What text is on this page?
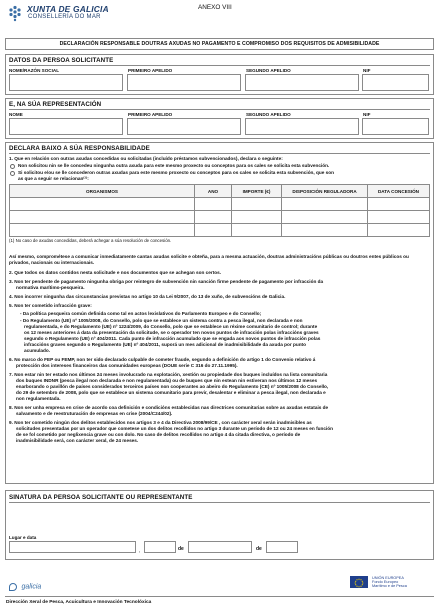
XUNTA DE GALICIA
CONSELLERÍA DO MAR
ANEXO VIII
DECLARACIÓN RESPONSABLE DOUTRAS AXUDAS NO PAGAMENTO E COMPROMISO DOS REQUISITOS DE ADMISIBILIDADE
DATOS DA PERSOA SOLICITANTE
NOME/RAZÓN SOCIAL	PRIMEIRO APELIDO	SEGUNDO APELIDO	NIF
E, NA SÚA REPRESENTACIÓN
NOME	PRIMEIRO APELIDO	SEGUNDO APELIDO	NIF
DECLARA BAIXO A SÚA RESPONSABILIDADE
1. Que en relación con outras axudas concedidas ou solicitadas (incluído préstamos subvencionados), declara o seguinte:
Non solicitou nin se lle concedeu ningunha outra axuda para este mesmo proxecto ou conceptos para os cales se solicita esta subvención.
Si solicitou e/ou se lle concederon outras axudas para este mesmo proxecto ou conceptos para os cales se solicita esta subvención, que son
as que a seguir se relacionan⁽¹⁾:
ORGANISMOS	ANO	IMPORTE (€)	DISPOSICIÓN REGULADORA	DATA CONCESIÓN

(1) No caso de axudas concedidas, deberá achegar a súa resolución de concesión.
Así mesmo, comprométese a comunicar inmediatamente cantas axudas solicite e obteña, para a mesma actuación, doutras administracións públicas ou doutros entes públicos ou privados, nacionais ou internacionais.
2. Que todos os datos contidos nesta solicitude e nos documentos que se achegan son certos.
3. Non ter pendente de pagamento ningunha obriga por reintegro de subvención nin sanción firme pendente de pagamento por infracción da
normativa marítimo-pesqueira.
4. Non incorrer ningunha das circunstancias previstas no artigo 10 da Lei 9/2007, do 13 de xuño, de subvencións de Galicia.
5. Non ter cometido infracción grave:
- Da política pesqueira común definida como tal en actos lexislativos do Parlamento Europeo e do Consello;
- Do Regulamento (UE) nº 1005/2008, do Consello, polo que se establece un sistema contra a pesca ilegal, non declarada e non
regulamentada, e do Regulamento (UE) nº 1224/2009, do Consello, polo que se establece un réxime comunitario de control; durante
os 12 meses anteriores á data da presentación da solicitude, se o operador ten novos puntos de infracción polas infraccións graves
segundo o Regulamento (UE) nº 404/2011. Cada punto de infracción acumulado que se engada aos novos puntos de infracción polas
infraccións graves segundo o Regulamento (UE) nº 404/2011, suporá un mes adicional de inadmisibilidade da axuda por punto
acumulado.
6. No marco do FEP ou FEMP, non ter sido declarado culpable de cometer fraude, segundo a definición do artigo 1 do Convenio relativo á
protección dos intereses financeiros das comunidades europeas (DOUE serie C 316 do 27.11.1995).
7. Non estar nin ter estado nos últimos 24 meses involucrado na explotación, xestión ou propiedade dos buques incluídos na lista comunitaria
dos buques INDNR (pesca ilegal non declarada e non regulamentada) ou de buques que nin estean nin estiveran nos últimos 12 meses
enarborando o pavillón de países considerados terceiros países non cooperantes ao abeiro do Regulamento (CE) nº 1005/2008 do Consello,
do 29 de setembro de 2008, polo que se establece un sistema comunitario para previr, desalentar e eliminar a pesca ilegal, non declarada e
non regulamentada.
8. Non ser unha empresa en crise de acordo coa definición e condicións establecidas nas directrices comunitarias sobre as axudas estatais de
salvamento e de reestruturación de empresas en crise (2004/C244/02).
9. Non ter cometido ningún dos delitos establecidos nos artigos 3 e 4 da Directiva 2008/99/CE , con carácter xeral serán inadmisibles as
solicitudes presentadas por un operador que cometese un dos delitos recollidos no artigo 3 durante un período de 12 ou 24 meses en función
de se fol cometido por neglixencia grave ou con dolo. No caso de delitos recollidos no artigo 4 da citada directiva, o período de
inadmisibilidade será, con carácter xeral, de 24 meses.
SINATURA DA PERSOA SOLICITANTE OU REPRESENTANTE
Lugar e data
,	de	de
galicia
UNIÓN EUROPEA
Fondo Europeo
Marítimo e de Pesca
Dirección Xeral de Pesca, Acuicultura e Innovación Tecnolóxica
